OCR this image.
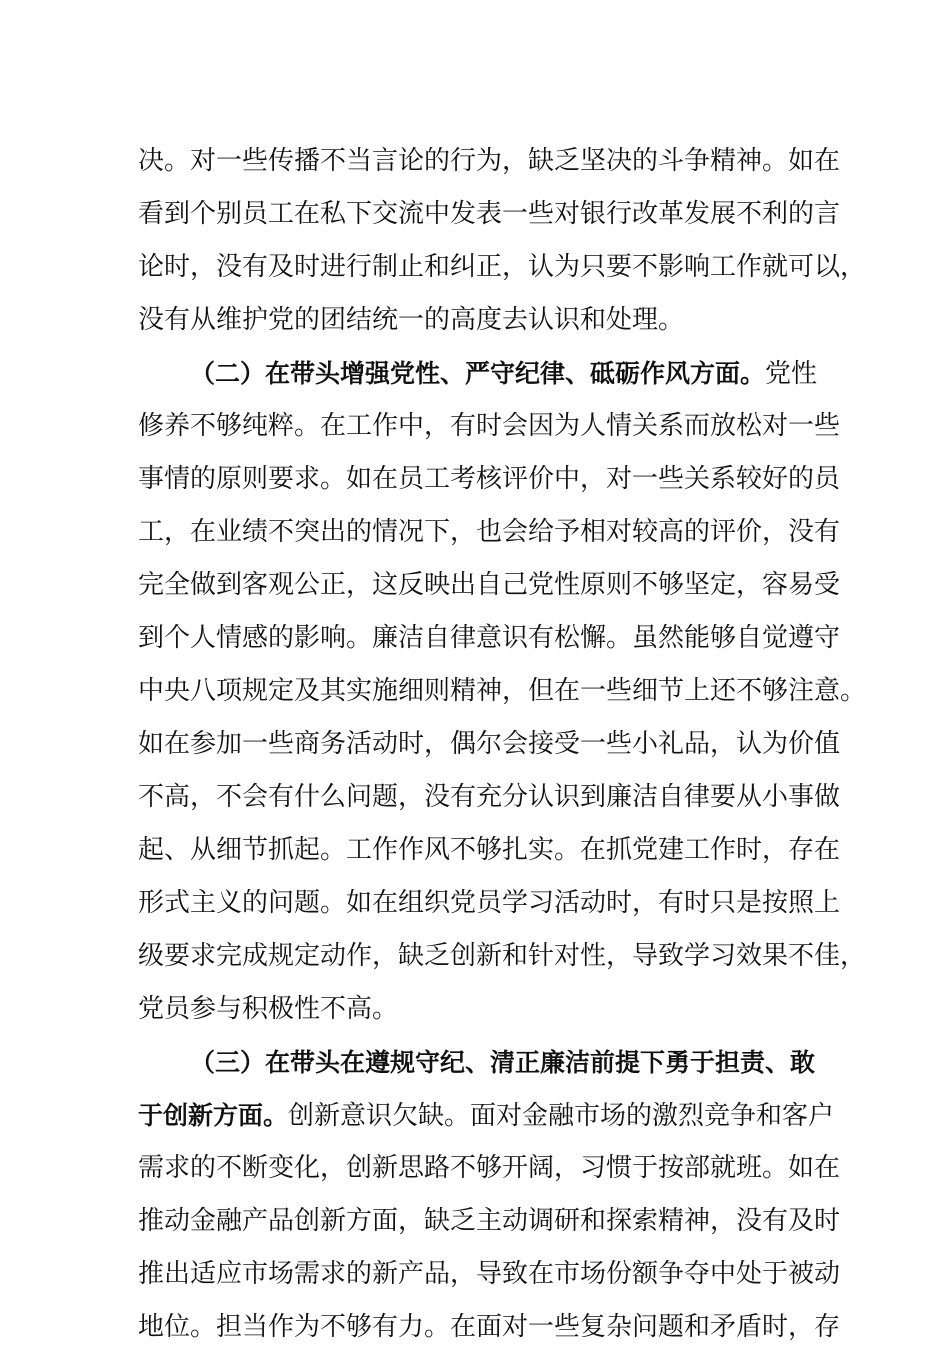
决。对一些传播不当言论的行为，缺乏坚决的斗争精神。如在
看到个别员工在私下交流中发表一些对银行改革发展不利的言
论时，没有及时进行制止和纠正，认为只要不影响工作就可以，
没有从维护党的团结统一的高度去认识和处理。
（二）在带头增强党性、严守纪律、砥砺作风方面。党性
修养不够纯粹。在工作中，有时会因为人情关系而放松对一些
事情的原则要求。如在员工考核评价中，对一些关系较好的员
工，在业绩不突出的情况下，也会给予相对较高的评价，没有
完全做到客观公正，这反映出自己党性原则不够坚定，容易受
到个人情感的影响。廉洁自律意识有松懈。虽然能够自觉遵守
中央八项规定及其实施细则精神，但在一些细节上还不够注意。
如在参加一些商务活动时，偶尔会接受一些小礼品，认为价值
不高，不会有什么问题，没有充分认识到廉洁自律要从小事做
起、从细节抓起。工作作风不够扎实。在抓党建工作时，存在
形式主义的问题。如在组织党员学习活动时，有时只是按照上
级要求完成规定动作，缺乏创新和针对性，导致学习效果不佳，
党员参与积极性不高。
（三）在带头在遵规守纪、清正廉洁前提下勇于担责、敢
于创新方面。创新意识欠缺。面对金融市场的激烈竞争和客户
需求的不断变化，创新思路不够开阔，习惯于按部就班。如在
推动金融产品创新方面，缺乏主动调研和探索精神，没有及时
推出适应市场需求的新产品，导致在市场份额争夺中处于被动
地位。担当作为不够有力。在面对一些复杂问题和矛盾时，存
